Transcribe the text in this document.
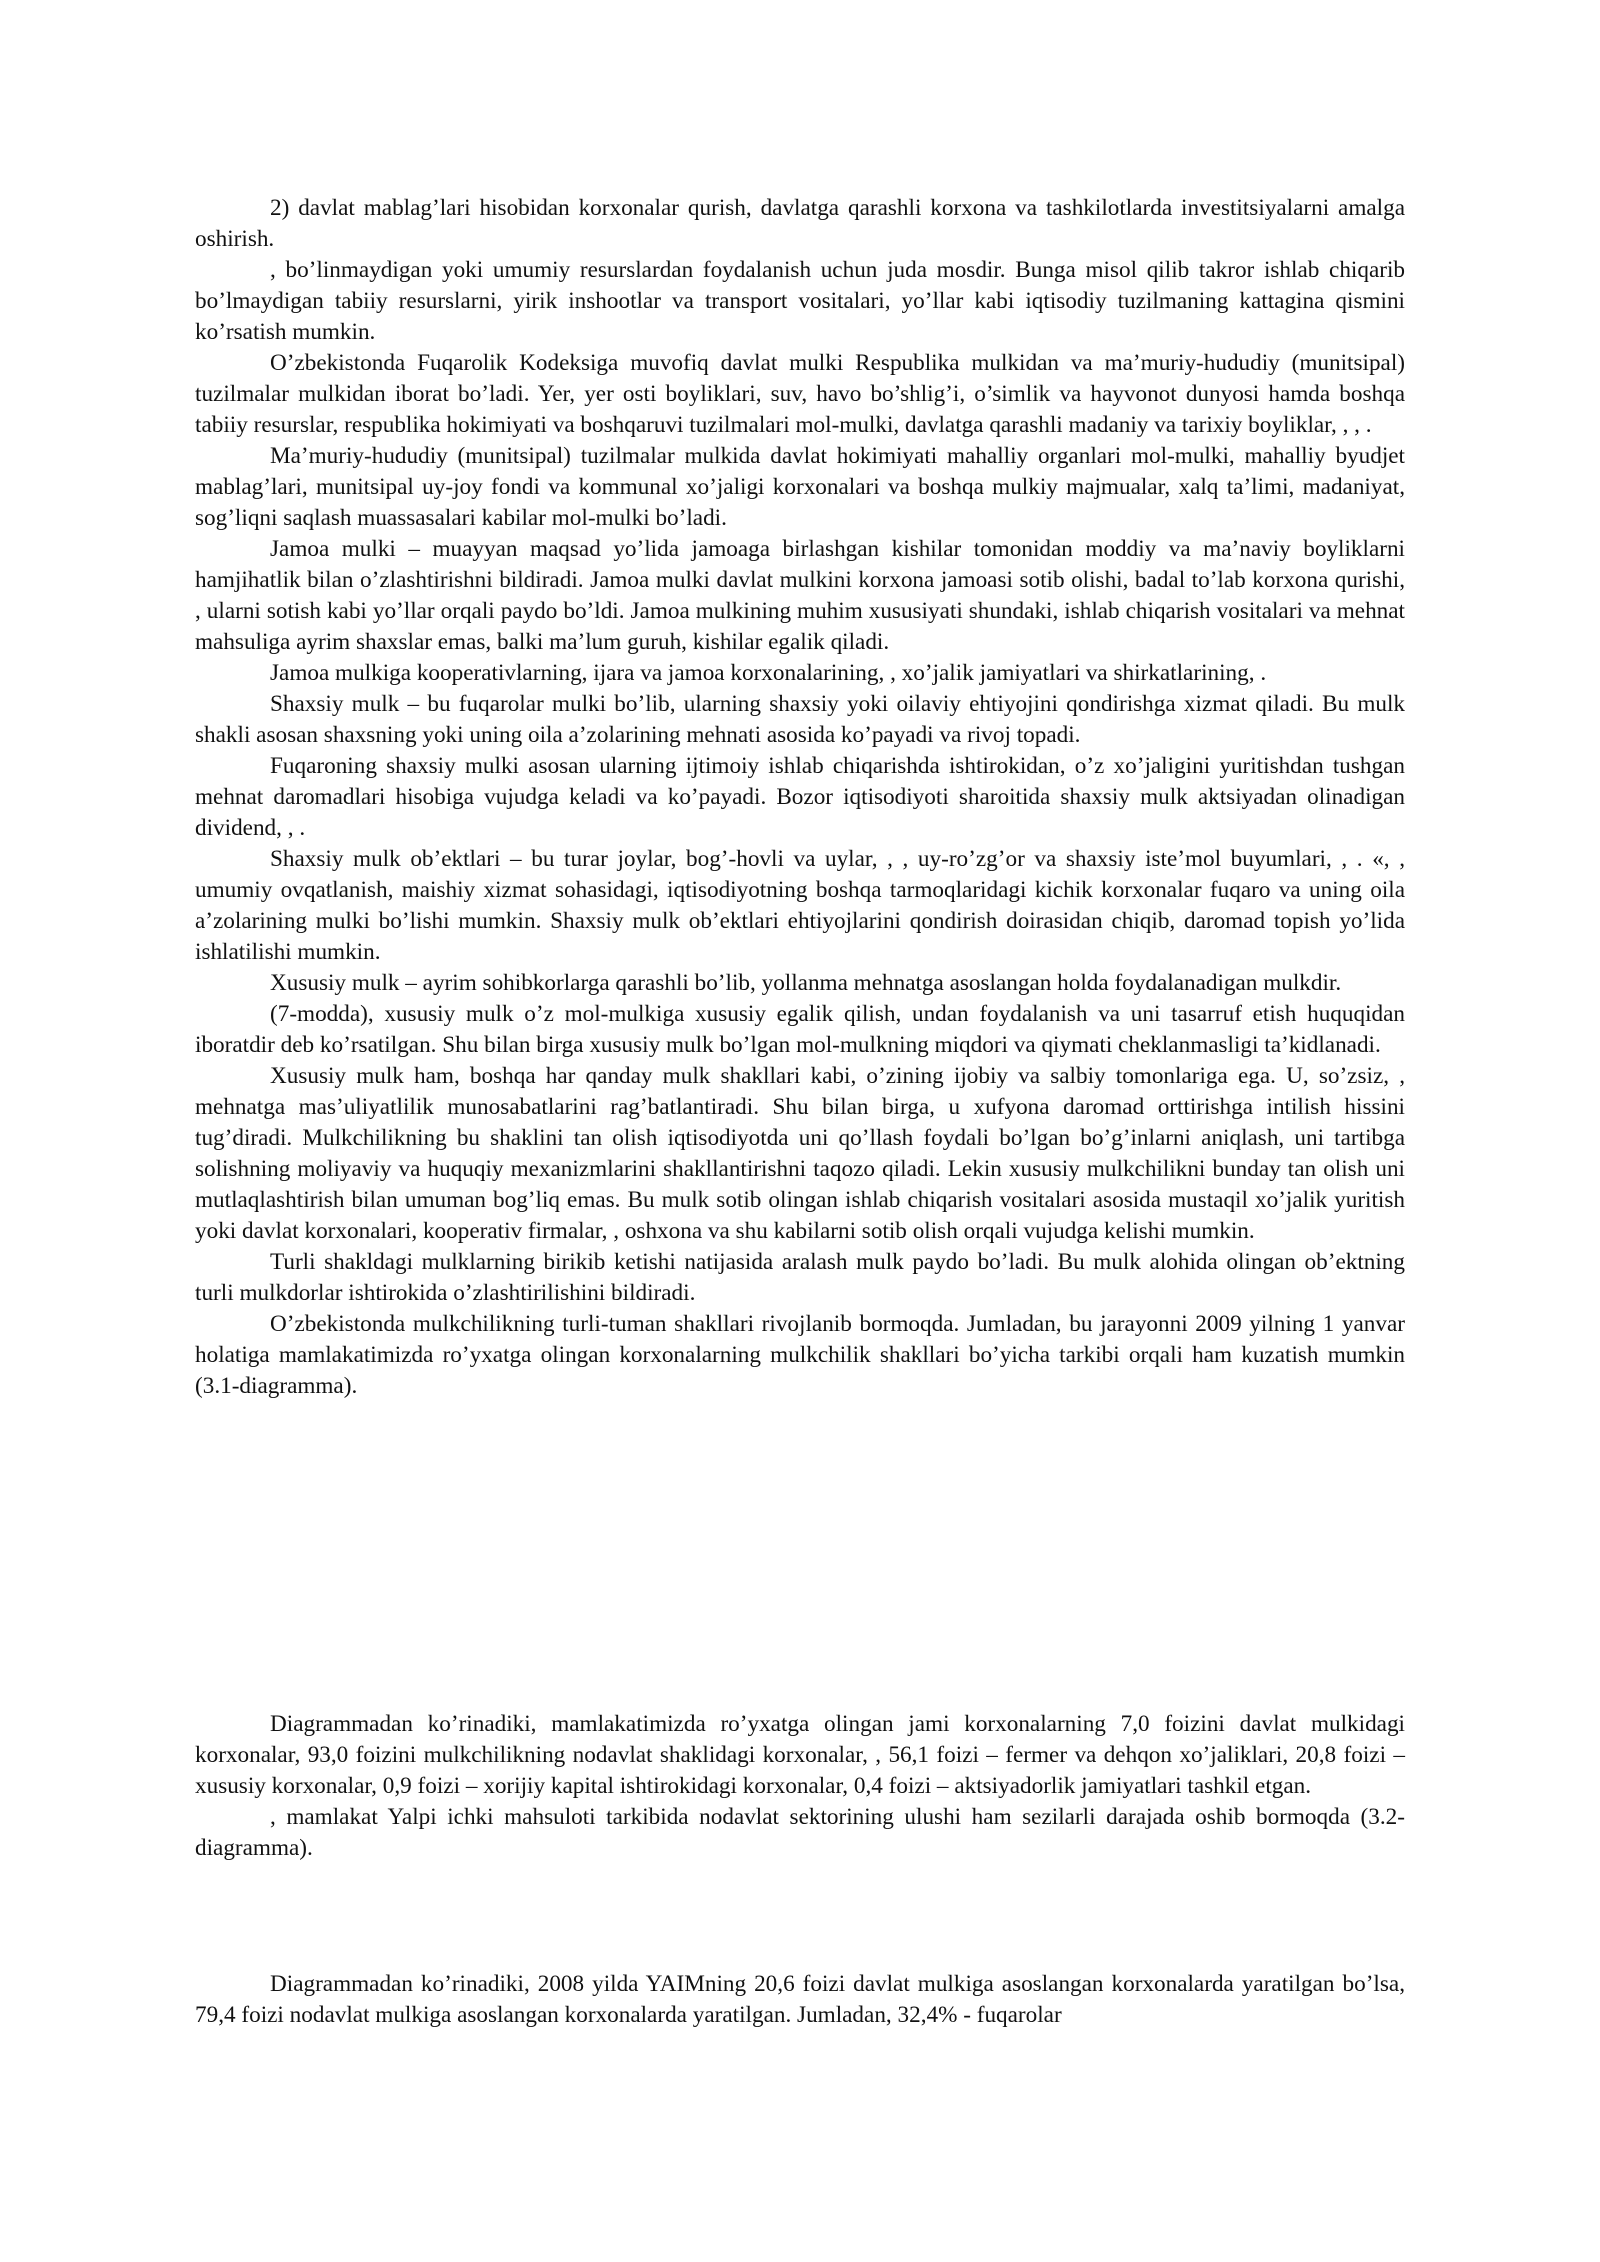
2) davlat mablag’lari hisobidan korxonalar qurish, davlatga qarashli korxona va tashkilotlarda investitsiyalarni amalga oshirish.

, bo’linmaydigan yoki umumiy resurslardan foydalanish uchun juda mosdir. Bunga misol qilib takror ishlab chiqarib bo’lmaydigan tabiiy resurslarni, yirik inshootlar va transport vositalari, yo’llar kabi iqtisodiy tuzilmaning kattagina qismini ko’rsatish mumkin.

O’zbekistonda Fuqarolik Kodeksiga muvofiq davlat mulki Respublika mulkidan va ma’muriy-hududiy (munitsipal) tuzilmalar mulkidan iborat bo’ladi. Yer, yer osti boyliklari, suv, havo bo’shlig’i, o’simlik va hayvonot dunyosi hamda boshqa tabiiy resurslar, respublika hokimiyati va boshqaruvi tuzilmalari mol-mulki, davlatga qarashli madaniy va tarixiy boyliklar, , , .

Ma’muriy-hududiy (munitsipal) tuzilmalar mulkida davlat hokimiyati mahalliy organlari mol-mulki, mahalliy byudjet mablag’lari, munitsipal uy-joy fondi va kommunal xo’jaligi korxonalari va boshqa mulkiy majmualar, xalq ta’limi, madaniyat, sog’liqni saqlash muassasalari kabilar mol-mulki bo’ladi.

Jamoa mulki – muayyan maqsad yo’lida jamoaga birlashgan kishilar tomonidan moddiy va ma’naviy boyliklarni hamjihatlik bilan o’zlashtirishni bildiradi. Jamoa mulki davlat mulkini korxona jamoasi sotib olishi, badal to’lab korxona qurishi, , ularni sotish kabi yo’llar orqali paydo bo’ldi. Jamoa mulkining muhim xususiyati shundaki, ishlab chiqarish vositalari va mehnat mahsuliga ayrim shaxslar emas, balki ma’lum guruh, kishilar egalik qiladi.

Jamoa mulkiga kooperativlarning, ijara va jamoa korxonalarining, , xo’jalik jamiyatlari va shirkatlarining, .

Shaxsiy mulk – bu fuqarolar mulki bo’lib, ularning shaxsiy yoki oilaviy ehtiyojini qondirishga xizmat qiladi. Bu mulk shakli asosan shaxsning yoki uning oila a’zolarining mehnati asosida ko’payadi va rivoj topadi.

Fuqaroning shaxsiy mulki asosan ularning ijtimoiy ishlab chiqarishda ishtirokidan, o’z xo’jaligini yuritishdan tushgan mehnat daromadlari hisobiga vujudga keladi va ko’payadi. Bozor iqtisodiyoti sharoitida shaxsiy mulk aktsiyadan olinadigan dividend, , .

Shaxsiy mulk ob’ektlari – bu turar joylar, bog’-hovli va uylar, , , uy-ro’zg’or va shaxsiy iste’mol buyumlari, , . «, , umumiy ovqatlanish, maishiy xizmat sohasidagi, iqtisodiyotning boshqa tarmoqlaridagi kichik korxonalar fuqaro va uning oila a’zolarining mulki bo’lishi mumkin. Shaxsiy mulk ob’ektlari ehtiyojlarini qondirish doirasidan chiqib, daromad topish yo’lida ishlatilishi mumkin.

Xususiy mulk – ayrim sohibkorlarga qarashli bo’lib, yollanma mehnatga asoslangan holda foydalanadigan mulkdir.

(7-modda), xususiy mulk o’z mol-mulkiga xususiy egalik qilish, undan foydalanish va uni tasarruf etish huquqidan iboratdir deb ko’rsatilgan. Shu bilan birga xususiy mulk bo’lgan mol-mulkning miqdori va qiymati cheklanmasligi ta’kidlanadi.

Xususiy mulk ham, boshqa har qanday mulk shakllari kabi, o’zining ijobiy va salbiy tomonlariga ega. U, so’zsiz, , mehnatga mas’uliyatlilik munosabatlarini rag’batlantiradi. Shu bilan birga, u xufyona daromad orttirishga intilish hissini tug’diradi. Mulkchilikning bu shaklini tan olish iqtisodiyotda uni qo’llash foydali bo’lgan bo’g’inlarni aniqlash, uni tartibga solishning moliyaviy va huquqiy mexanizmlarini shakllantirishni taqozo qiladi. Lekin xususiy mulkchilikni bunday tan olish uni mutlaqlashtirish bilan umuman bog’liq emas. Bu mulk sotib olingan ishlab chiqarish vositalari asosida mustaqil xo’jalik yuritish yoki davlat korxonalari, kooperativ firmalar, , oshxona va shu kabilarni sotib olish orqali vujudga kelishi mumkin.

Turli shakldagi mulklarning birikib ketishi natijasida aralash mulk paydo bo’ladi. Bu mulk alohida olingan ob’ektning turli mulkdorlar ishtirokida o’zlashtirilishini bildiradi.

O’zbekistonda mulkchilikning turli-tuman shakllari rivojlanib bormoqda. Jumladan, bu jarayonni 2009 yilning 1 yanvar holatiga mamlakatimizda ro’yxatga olingan korxonalarning mulkchilik shakllari bo’yicha tarkibi orqali ham kuzatish mumkin (3.1-diagramma).

Diagrammadan ko’rinadiki, mamlakatimizda ro’yxatga olingan jami korxonalarning 7,0 foizini davlat mulkidagi korxonalar, 93,0 foizini mulkchilikning nodavlat shaklidagi korxonalar, , 56,1 foizi – fermer va dehqon xo’jaliklari, 20,8 foizi – xususiy korxonalar, 0,9 foizi – xorijiy kapital ishtirokidagi korxonalar, 0,4 foizi – aktsiyadorlik jamiyatlari tashkil etgan.

, mamlakat Yalpi ichki mahsuloti tarkibida nodavlat sektorining ulushi ham sezilarli darajada oshib bormoqda (3.2-diagramma).

Diagrammadan ko’rinadiki, 2008 yilda YAIMning 20,6 foizi davlat mulkiga asoslangan korxonalarda yaratilgan bo’lsa, 79,4 foizi nodavlat mulkiga asoslangan korxonalarda yaratilgan. Jumladan, 32,4% - fuqarolar
